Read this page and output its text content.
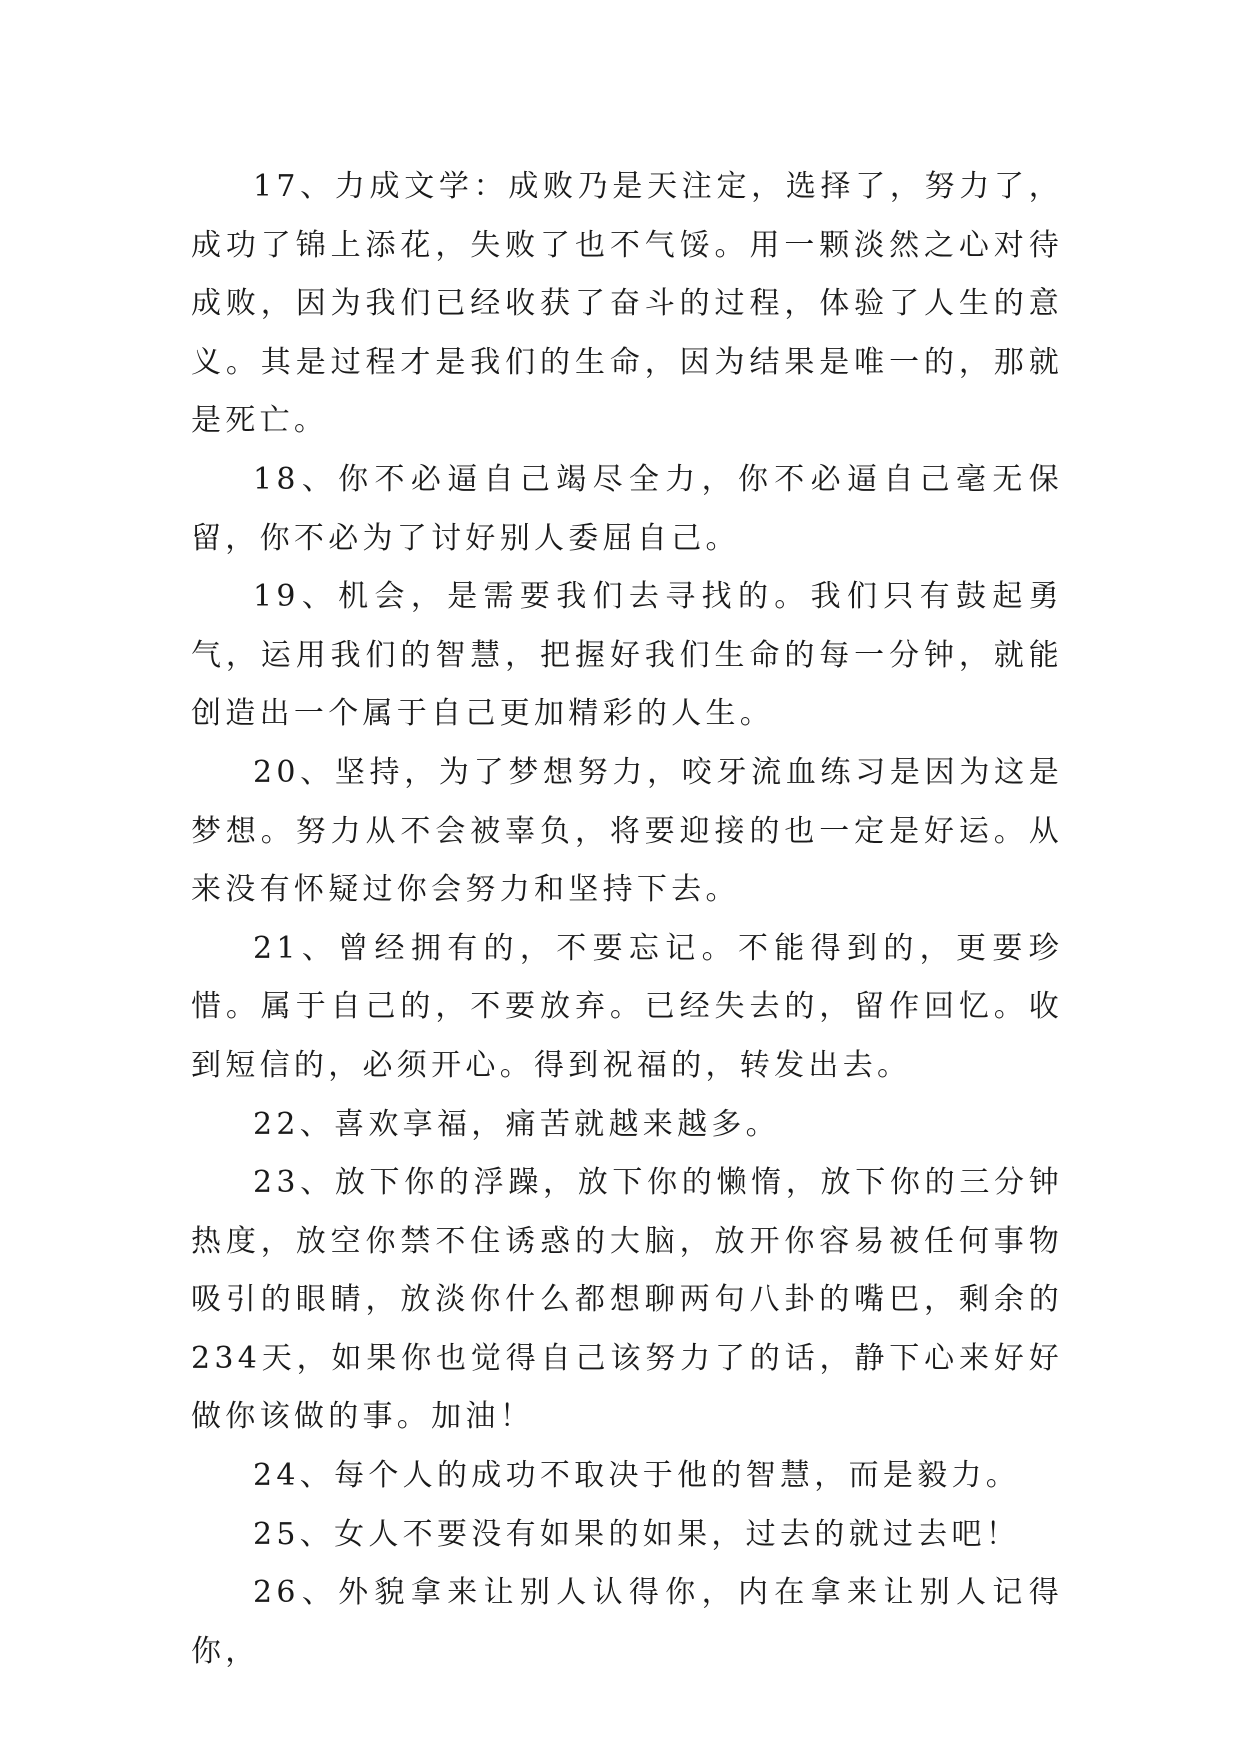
17、力成文学：成败乃是天注定，选择了，努力了，成功了锦上添花，失败了也不气馁。用一颗淡然之心对待成败，因为我们已经收获了奋斗的过程，体验了人生的意义。其是过程才是我们的生命，因为结果是唯一的，那就是死亡。

18、你不必逼自己竭尽全力，你不必逼自己毫无保留，你不必为了讨好别人委屈自己。

19、机会，是需要我们去寻找的。我们只有鼓起勇气，运用我们的智慧，把握好我们生命的每一分钟，就能创造出一个属于自己更加精彩的人生。

20、坚持，为了梦想努力，咬牙流血练习是因为这是梦想。努力从不会被辜负，将要迎接的也一定是好运。从来没有怀疑过你会努力和坚持下去。

21、曾经拥有的，不要忘记。不能得到的，更要珍惜。属于自己的，不要放弃。已经失去的，留作回忆。收到短信的，必须开心。得到祝福的，转发出去。

22、喜欢享福，痛苦就越来越多。

23、放下你的浮躁，放下你的懒惰，放下你的三分钟热度，放空你禁不住诱惑的大脑，放开你容易被任何事物吸引的眼睛，放淡你什么都想聊两句八卦的嘴巴，剩余的234天，如果你也觉得自己该努力了的话，静下心来好好做你该做的事。加油！

24、每个人的成功不取决于他的智慧，而是毅力。

25、女人不要没有如果的如果，过去的就过去吧！

26、外貌拿来让别人认得你，内在拿来让别人记得你，
